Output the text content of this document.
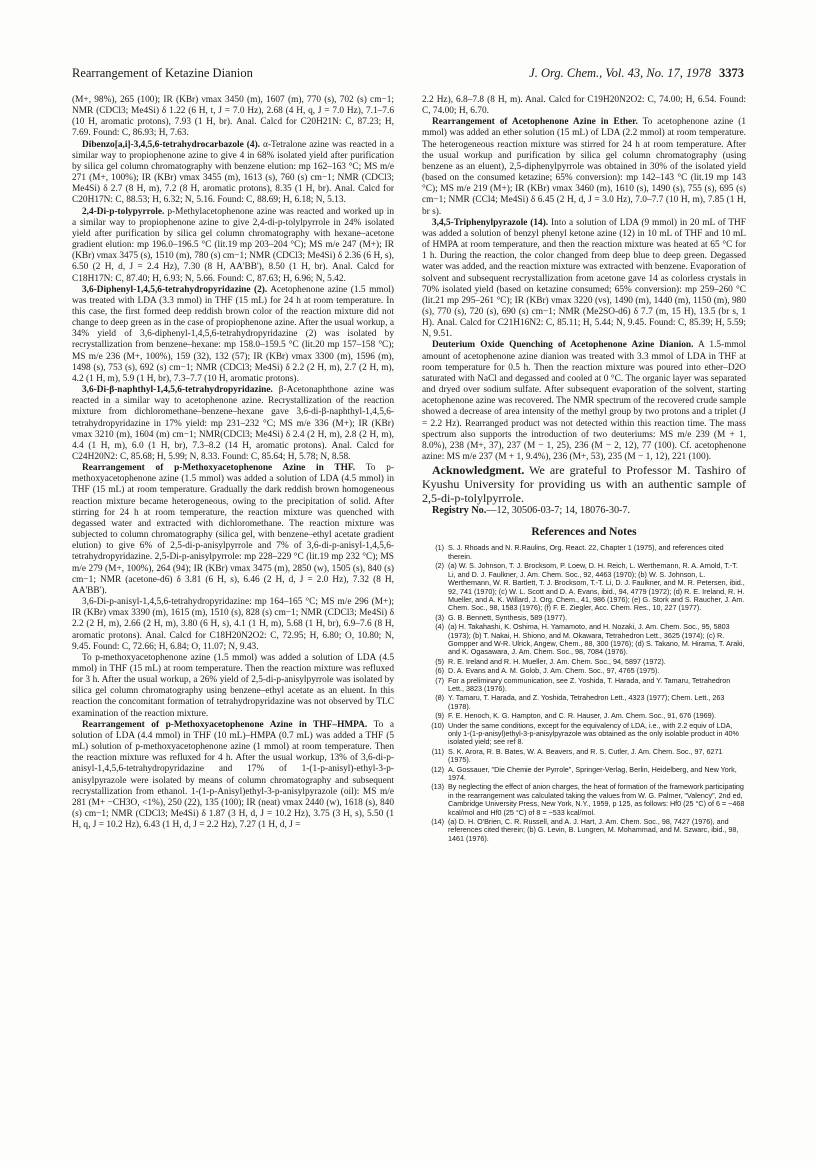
Rearrangement of Ketazine Dianion	J. Org. Chem., Vol. 43, No. 17, 1978 3373

(M+, 98%), 265 (100); IR (KBr) νmax 3450 (m), 1607 (m), 770 (s), 702 (s) cm−1; NMR (CDCl3; Me4Si) δ 1.22 (6 H, t, J = 7.0 Hz), 2.68 (4 H, q, J = 7.0 Hz), 7.1–7.6 (10 H, aromatic protons), 7.93 (1 H, br). Anal. Calcd for C20H21N: C, 87.23; H, 7.69. Found: C, 86.93; H, 7.63.

Dibenzo[a,i]-3,4,5,6-tetrahydrocarbazole (4). α-Tetralone azine was reacted in a similar way to propiophenone azine to give 4 in 68% isolated yield after purification by silica gel column chromatography with benzene elution: mp 162–163 °C; MS m/e 271 (M+, 100%); IR (KBr) νmax 3455 (m), 1613 (s), 760 (s) cm−1; NMR (CDCl3; Me4Si) δ 2.7 (8 H, m), 7.2 (8 H, aromatic protons), 8.35 (1 H, br). Anal. Calcd for C20H17N: C, 88.53; H, 6.32; N, 5.16. Found: C, 88.69; H, 6.18; N, 5.13.

2,4-Di-p-tolypyrrole. p-Methylacetophenone azine was reacted and worked up in a similar way to propiophenone azine to give 2,4-di-p-tolylpyrrole in 24% isolated yield after purification by silica gel column chromatography with hexane–acetone gradient elution: mp 196.0–196.5 °C (lit.19 mp 203–204 °C); MS m/e 247 (M+); IR (KBr) νmax 3475 (s), 1510 (m), 780 (s) cm−1; NMR (CDCl3; Me4Si) δ 2.36 (6 H, s), 6.50 (2 H, d, J = 2.4 Hz), 7.30 (8 H, AA'BB'), 8.50 (1 H, br). Anal. Calcd for C18H17N: C, 87.40; H, 6.93; N, 5.66. Found: C, 87.63; H, 6.96; N, 5.42.

3,6-Diphenyl-1,4,5,6-tetrahydropyridazine (2). Acetophenone azine (1.5 mmol) was treated with LDA (3.3 mmol) in THF (15 mL) for 24 h at room temperature. In this case, the first formed deep reddish brown color of the reaction mixture did not change to deep green as in the case of propiophenone azine. After the usual workup, a 34% yield of 3,6-diphenyl-1,4,5,6-tetrahydropyridazine (2) was isolated by recrystallization from benzene–hexane: mp 158.0–159.5 °C (lit.20 mp 157–158 °C); MS m/e 236 (M+, 100%), 159 (32), 132 (57); IR (KBr) νmax 3300 (m), 1596 (m), 1498 (s), 753 (s), 692 (s) cm−1; NMR (CDCl3; Me4Si) δ 2.2 (2 H, m), 2.7 (2 H, m), 4.2 (1 H, m), 5.9 (1 H, br), 7.3–7.7 (10 H, aromatic protons).

3,6-Di-β-naphthyl-1,4,5,6-tetrahydropyridazine. β-Acetonaphthone azine was reacted in a similar way to acetophenone azine. Recrystallization of the reaction mixture from dichloromethane–benzene–hexane gave 3,6-di-β-naphthyl-1,4,5,6-tetrahydropyridazine in 17% yield: mp 231–232 °C; MS m/e 336 (M+); IR (KBr) νmax 3210 (m), 1604 (m) cm−1; NMR(CDCl3; Me4Si) δ 2.4 (2 H, m), 2.8 (2 H, m), 4.4 (1 H, m), 6.0 (1 H, br), 7.3–8.2 (14 H, aromatic protons). Anal. Calcd for C24H20N2: C, 85.68; H, 5.99; N, 8.33. Found: C, 85.64; H, 5.78; N, 8.58.

Rearrangement of p-Methoxyacetophenone Azine in THF. To p-methoxyacetophenone azine (1.5 mmol) was added a solution of LDA (4.5 mmol) in THF (15 mL) at room temperature. Gradually the dark reddish brown homogeneous reaction mixture became heterogeneous, owing to the precipitation of solid. After stirring for 24 h at room temperature, the reaction mixture was quenched with degassed water and extracted with dichloromethane. The reaction mixture was subjected to column chromatography (silica gel, with benzene–ethyl acetate gradient elution) to give 6% of 2,5-di-p-anisylpyrrole and 7% of 3,6-di-p-anisyl-1,4,5,6-tetrahydropyridazine. 2,5-Di-p-anisylpyrrole: mp 228–229 °C (lit.19 mp 232 °C); MS m/e 279 (M+, 100%), 264 (94); IR (KBr) νmax 3475 (m), 2850 (w), 1505 (s), 840 (s) cm−1; NMR (acetone-d6) δ 3.81 (6 H, s), 6.46 (2 H, d, J = 2.0 Hz), 7.32 (8 H, AA'BB').

3,6-Di-p-anisyl-1,4,5,6-tetrahydropyridazine: mp 164–165 °C; MS m/e 296 (M+); IR (KBr) νmax 3390 (m), 1615 (m), 1510 (s), 828 (s) cm−1; NMR (CDCl3; Me4Si) δ 2.2 (2 H, m), 2.66 (2 H, m), 3.80 (6 H, s), 4.1 (1 H, m), 5.68 (1 H, br), 6.9–7.6 (8 H, aromatic protons). Anal. Calcd for C18H20N2O2: C, 72.95; H, 6.80; O, 10.80; N, 9.45. Found: C, 72.66; H, 6.84; O, 11.07; N, 9.43.

To p-methoxyacetophenone azine (1.5 mmol) was added a solution of LDA (4.5 mmol) in THF (15 mL) at room temperature. Then the reaction mixture was refluxed for 3 h. After the usual workup, a 26% yield of 2,5-di-p-anisylpyrrole was isolated by silica gel column chromatography using benzene–ethyl acetate as an eluent. In this reaction the concomitant formation of tetrahydropyridazine was not observed by TLC examination of the reaction mixture.

Rearrangement of p-Methoxyacetophenone Azine in THF–HMPA. To a solution of LDA (4.4 mmol) in THF (10 mL)–HMPA (0.7 mL) was added a THF (5 mL) solution of p-methoxyacetophenone azine (1 mmol) at room temperature. Then the reaction mixture was refluxed for 4 h. After the usual workup, 13% of 3,6-di-p-anisyl-1,4,5,6-tetrahydropyridazine and 17% of 1-(1-p-anisyl)-ethyl-3-p-anisylpyrazole were isolated by means of column chromatography and subsequent recrystallization from ethanol. 1-(1-p-Anisyl)ethyl-3-p-anisylpyrazole (oil): MS m/e 281 (M+ −CH3O, <1%), 250 (22), 135 (100); IR (neat) νmax 2440 (w), 1618 (s), 840 (s) cm−1; NMR (CDCl3; Me4Si) δ 1.87 (3 H, d, J = 10.2 Hz), 3.75 (3 H, s), 5.50 (1 H, q, J = 10.2 Hz), 6.43 (1 H, d, J = 2.2 Hz), 7.27 (1 H, d, J =

2.2 Hz), 6.8–7.8 (8 H, m). Anal. Calcd for C19H20N2O2: C, 74.00; H, 6.54. Found: C, 74.00; H, 6.70.

Rearrangement of Acetophenone Azine in Ether. To acetophenone azine (1 mmol) was added an ether solution (15 mL) of LDA (2.2 mmol) at room temperature. The heterogeneous reaction mixture was stirred for 24 h at room temperature. After the usual workup and purification by silica gel column chromatography (using benzene as an eluent), 2,5-diphenylpyrrole was obtained in 30% of the isolated yield (based on the consumed ketazine; 65% conversion): mp 142–143 °C (lit.19 mp 143 °C); MS m/e 219 (M+); IR (KBr) νmax 3460 (m), 1610 (s), 1490 (s), 755 (s), 695 (s) cm−1; NMR (CCl4; Me4Si) δ 6.45 (2 H, d, J = 3.0 Hz), 7.0–7.7 (10 H, m), 7.85 (1 H, br s).

3,4,5-Triphenylpyrazole (14). Into a solution of LDA (9 mmol) in 20 mL of THF was added a solution of benzyl phenyl ketone azine (12) in 10 mL of THF and 10 mL of HMPA at room temperature, and then the reaction mixture was heated at 65 °C for 1 h. During the reaction, the color changed from deep blue to deep green. Degassed water was added, and the reaction mixture was extracted with benzene. Evaporation of solvent and subsequent recrystallization from acetone gave 14 as colorless crystals in 70% isolated yield (based on ketazine consumed; 65% conversion): mp 259–260 °C (lit.21 mp 295–261 °C); IR (KBr) νmax 3220 (vs), 1490 (m), 1440 (m), 1150 (m), 980 (s), 770 (s), 720 (s), 690 (s) cm−1; NMR (Me2SO-d6) δ 7.7 (m, 15 H), 13.5 (br s, 1 H). Anal. Calcd for C21H16N2: C, 85.11; H, 5.44; N, 9.45. Found: C, 85.39; H, 5.59; N, 9.51.

Deuterium Oxide Quenching of Acetophenone Azine Dianion. A 1.5-mmol amount of acetophenone azine dianion was treated with 3.3 mmol of LDA in THF at room temperature for 0.5 h. Then the reaction mixture was poured into ether–D2O saturated with NaCl and degassed and cooled at 0 °C. The organic layer was separated and dryed over sodium sulfate. After subsequent evaporation of the solvent, starting acetophenone azine was recovered. The NMR spectrum of the recovered crude sample showed a decrease of area intensity of the methyl group by two protons and a triplet (J = 2.2 Hz). Rearranged product was not detected within this reaction time. The mass spectrum also supports the introduction of two deuteriums: MS m/e 239 (M + 1, 8.0%), 238 (M+, 37), 237 (M − 1, 25), 236 (M − 2, 12), 77 (100). Cf. acetophenone azine: MS m/e 237 (M + 1, 9.4%), 236 (M+, 53), 235 (M − 1, 12), 221 (100).

Acknowledgment. We are grateful to Professor M. Tashiro of Kyushu University for providing us with an authentic sample of 2,5-di-p-tolylpyrrole.

Registry No.—12, 30506-03-7; 14, 18076-30-7.

References and Notes
(1) S. J. Rhoads and N. R.Raulins, Org. React. 22, Chapter 1 (1975), and references cited therein.
(2) (a) W. S. Johnson, T. J. Brocksom, P. Loew, D. H. Reich, L. Werthemann, R. A. Arnold, T.-T. Li, and D. J. Faulkner, J. Am. Chem. Soc., 92, 4463 (1970); (b) W. S. Johnson, L. Werthemann, W. R. Bartlett, T. J. Brocksom, T.-T. Li, D. J. Faulkner, and M. R. Petersen, ibid., 92, 741 (1970); (c) W. L. Scott and D. A. Evans, ibid., 94, 4779 (1972); (d) R. E. Ireland, R. H. Mueller, and A. K. Willard, J. Org. Chem., 41, 986 (1976); (e) G. Stork and S. Raucher, J. Am. Chem. Soc., 98, 1583 (1976); (f) F. E. Ziegler, Acc. Chem. Res., 10, 227 (1977).
(3) G. B. Bennett, Synthesis, 589 (1977).
(4) (a) H. Takahashi, K. Oshima, H. Yamamoto, and H. Nozaki, J. Am. Chem. Soc., 95, 5803 (1973); (b) T. Nakai, H. Shiono, and M. Okawara, Tetrahedron Lett., 3625 (1974); (c) R. Gompper and W-R. Ulrick, Angew, Chem., 88, 300 (1976); (d) S. Takano, M. Hirama, T. Araki, and K. Ogasawara, J. Am. Chem. Soc., 98, 7084 (1976).
(5) R. E. Ireland and R. H. Mueller, J. Am. Chem. Soc., 94, 5897 (1972).
(6) D. A. Evans and A. M. Golob, J. Am. Chem. Soc., 97, 4765 (1975).
(7) For a preliminary communication, see Z. Yoshida, T. Harada, and Y. Tamaru, Tetrahedron Lett., 3823 (1976).
(8) Y. Tamaru, T. Harada, and Z. Yoshida, Tetrahedron Lett., 4323 (1977); Chem. Lett., 263 (1978).
(9) F. E. Henoch, K. G. Hampton, and C. R. Hauser, J. Am. Chem. Soc., 91, 676 (1969).
(10) Under the same conditions, except for the equivalency of LDA, i.e., with 2.2 equiv of LDA, only 1-(1-p-anisyl)ethyl-3-p-anisylpyrazole was obtained as the only isolable product in 40% isolated yield; see ref 8.
(11) S. K. Arora, R. B. Bates, W. A. Beavers, and R. S. Cutler, J. Am. Chem. Soc., 97, 6271 (1975).
(12) A. Gossauer, "Die Chemie der Pyrrole", Springer-Verlag, Berlin, Heidelberg, and New York, 1974.
(13) By neglecting the effect of anion charges, the heat of formation of the framework participating in the rearrangement was calculated taking the values from W. G. Palmer, "Valency", 2nd ed, Cambridge University Press, New York, N.Y., 1959, p 125, as follows: Hf0 (25 °C) of 6 = −468 kcal/mol and Hf0 (25 °C) of 8 = −533 kcal/mol.
(14) (a) D. H. O'Brien, C. R. Russell, and A. J. Hart, J. Am. Chem. Soc., 98, 7427 (1976), and references cited therein; (b) G. Levin, B. Lungren, M. Mohammad, and M. Szwarc, ibid., 98, 1461 (1976).
